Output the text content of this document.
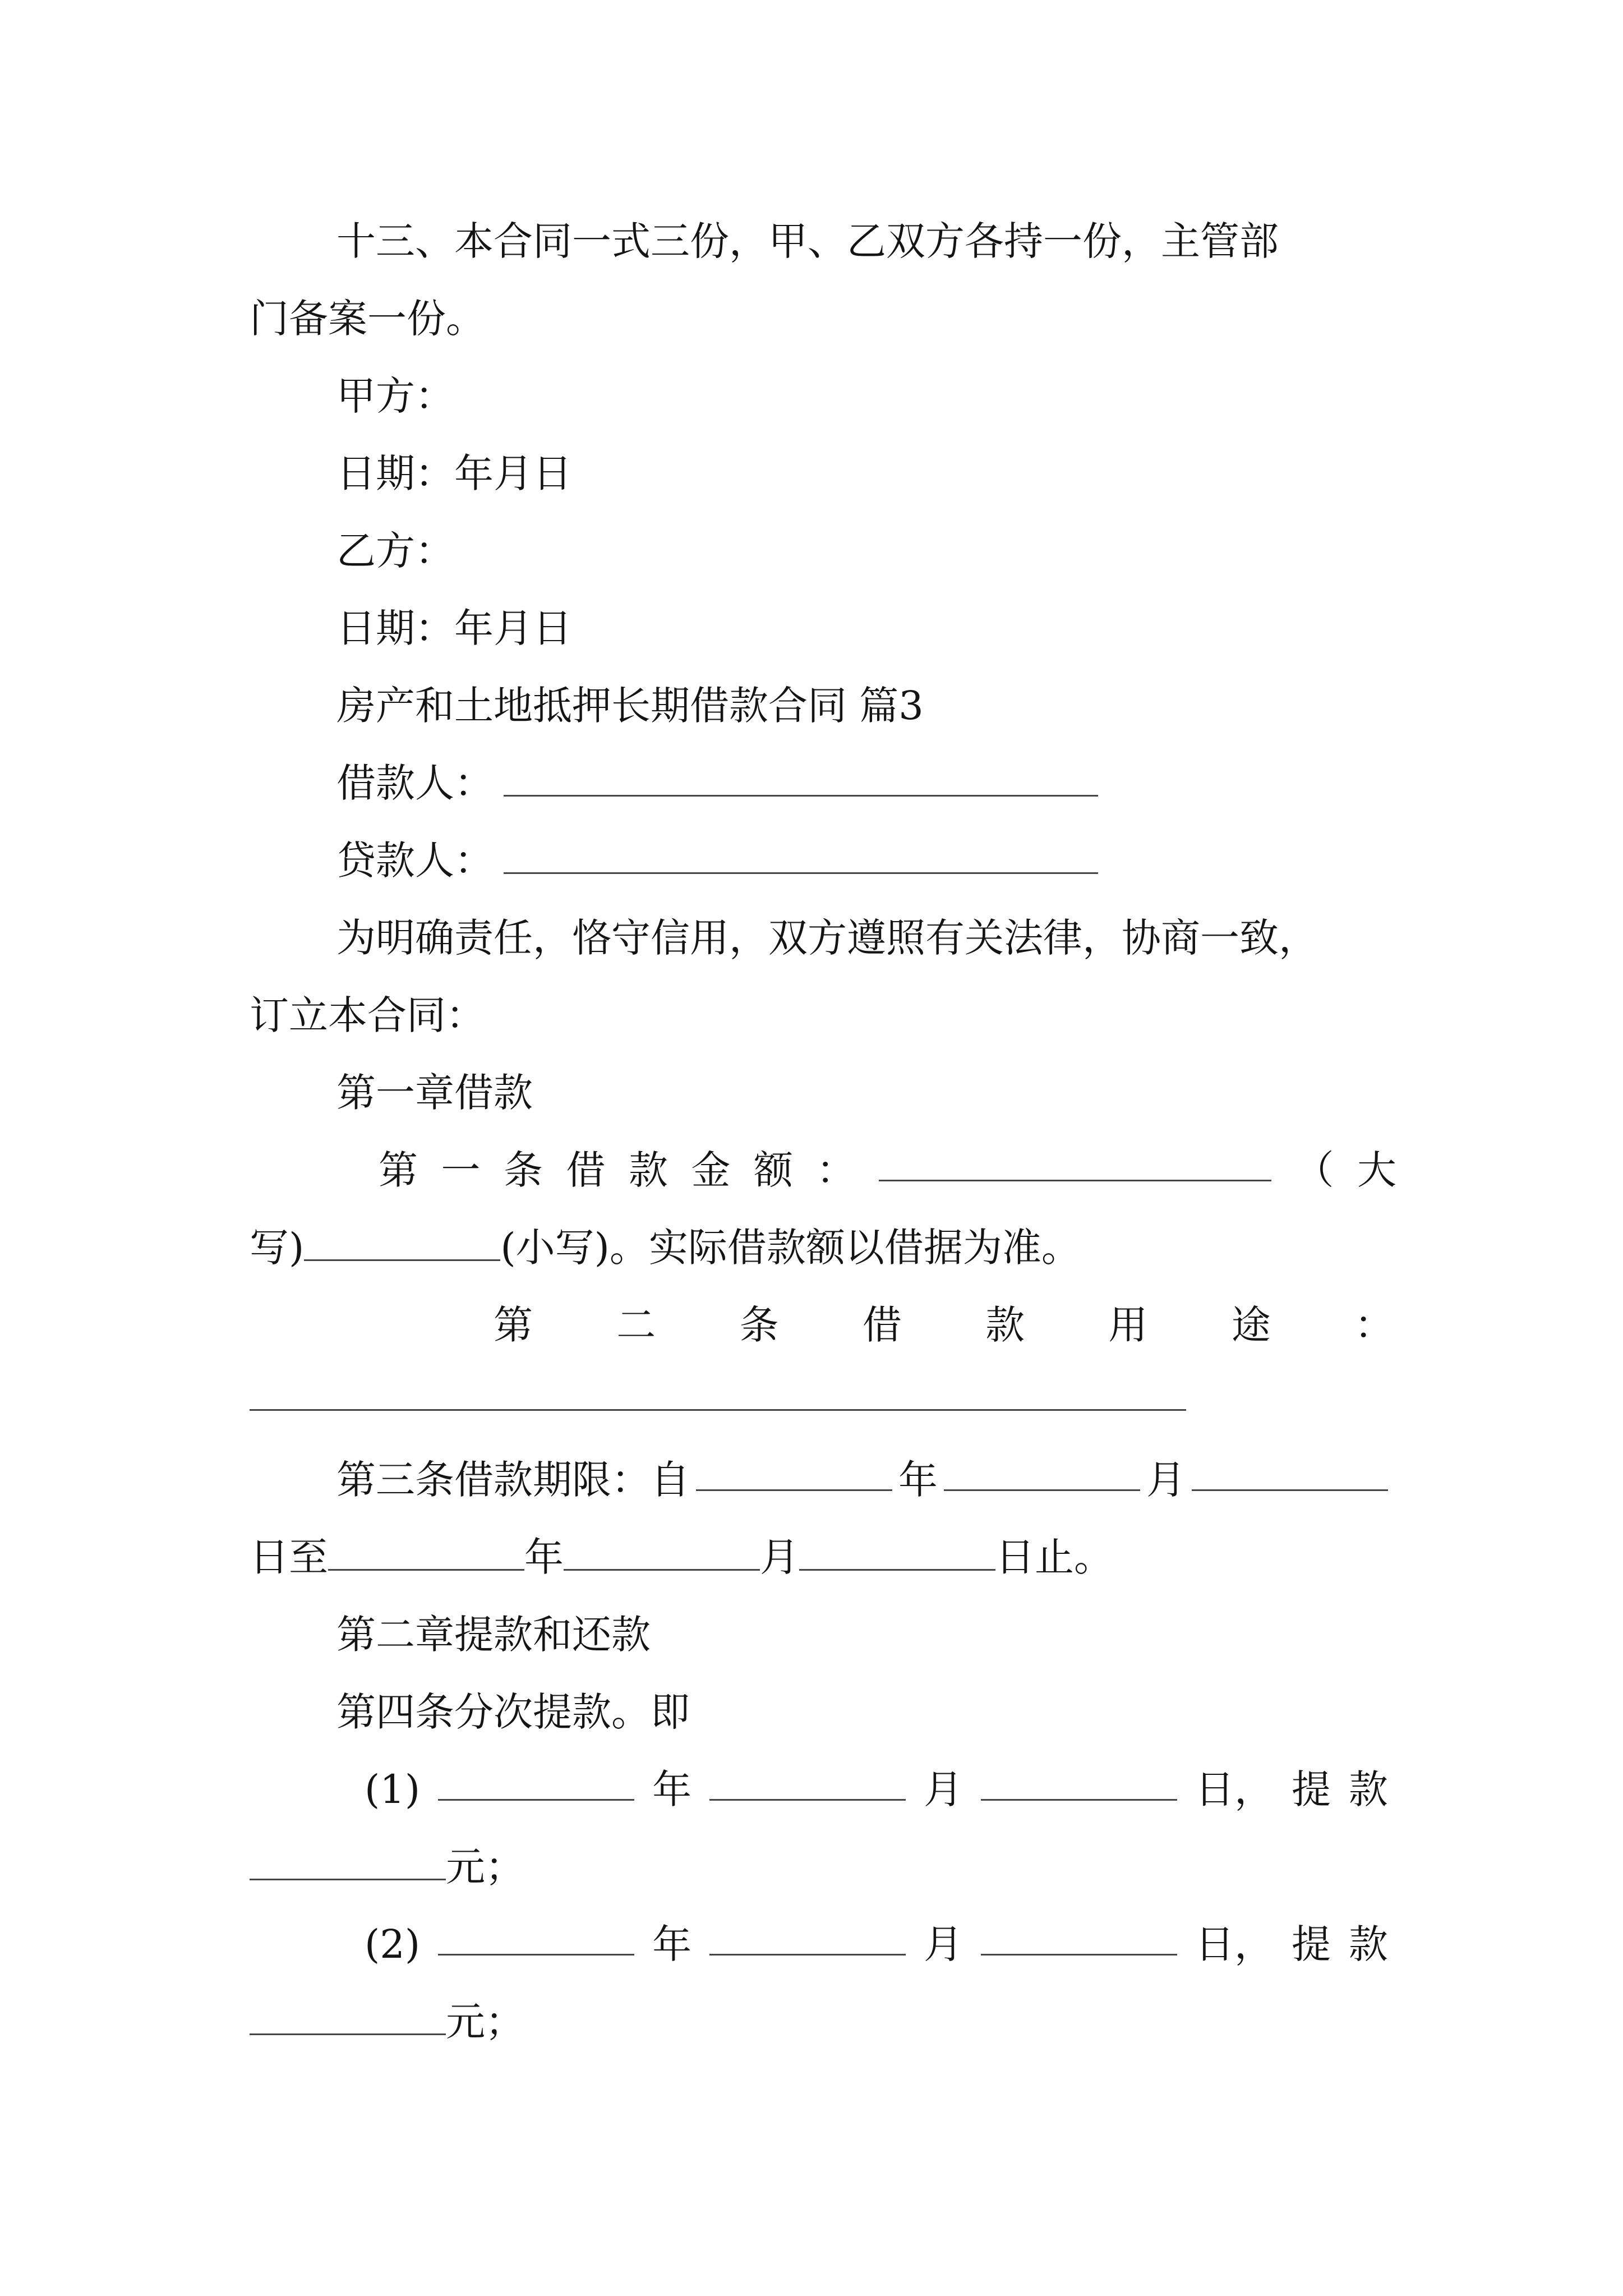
十三、本合同一式三份，甲、乙双方各持一份，主管部
门备案一份。
甲方：
日期：年月日
乙方：
日期：年月日
房产和土地抵押长期借款合同 篇3
借款人：
贷款人：
为明确责任，恪守信用，双方遵照有关法律，协商一致，
订立本合同：
第一章借款
第 一 条 借 款 金 额 ：	（ 大
写)	(小写)。实际借款额以借据为准。
第 二 条 借 款 用 途 ：
第三条借款期限：自	年	月
日至	年	月	日止。
第二章提款和还款
第四条分次提款。即
(1)	年	月	日， 提 款
元；
(2)	年	月	日， 提 款
元；
